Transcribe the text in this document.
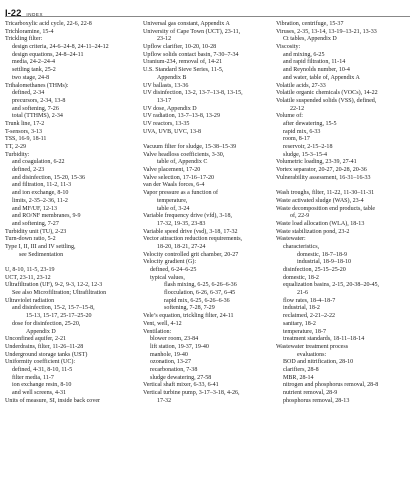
I-22 INDEX
Tricarboxylic acid cycle, 22-6, 22-8
Trichloramine, 15-4
Trickling filter:
design criteria, 24-6–24-8, 24-11–24-12
design equations, 24-8–24-11
media, 24-2–24-4
settling tank, 25-2
two stage, 24-8
Trihalomethanes (THMs):
defined, 2-34
precursors, 2-34, 13-8
and softening, 7-26
total (TTHMS), 2-34
Trunk line, 17-2
T-sensors, 3-13
TSS, 16-9, 18-11
TT, 2-29
Turbidity:
and coagulation, 6-22
defined, 2-23
and disinfection, 15-20, 15-36
and filtration, 11-2, 11-3
and ion exchange, 8-10
limits, 2-35–2-36, 11-2
and MF/UF, 12-13
and RO/NF membranes, 9-9
and softening, 7-27
Turbidity unit (TU), 2-23
Turn-down ratio, 5-2
Type I, II, III and IV settling,
see Sedimentation
U, 8-10, 11-5, 23-19
UCT, 23-11, 23-12
Ultrafiltration (UF), 9-2, 9-3, 12-2, 12-3
See also Microfiltration; Ultrafiltration
Ultraviolet radiation
and disinfection, 15-2, 15-7–15-8,
15-13, 15-17, 25-17–25-20
dose for disinfection, 25-20,
Appendix D
Unconfined aquifer, 2-21
Underdrains, filter, 11-26–11-28
Underground storage tanks (UST)
Uniformity coefficient (UC):
defined, 4-31, 8-10, 11-5
filter media, 11-7
ion exchange resin, 8-10
and well screens, 4-31
Units of measure, SI, inside back cover
Universal gas constant, Appendix A
University of Cape Town (UCT), 23-11,
23-12
Upflow clarifier, 10-20, 10-28
Upflow solids contact basin, 7-30–7-34
Uranium-234, removal of, 14-21
U.S. Standard Sieve Series, 11-5,
Appendix B
UV ballasts, 13-36
UV disinfection, 13-2, 13-7–13-8, 13-15,
13-17
UV dose, Appendix D
UV radiation, 13-7–13-8, 13-29
UV reactors, 13-35
UVA, UVB, UVC, 13-8
Vacuum filter for sludge, 15-38–15-39
Valve headloss coefficients, 3-30,
table of, Appendix C
Valve placement, 17-20
Valve selection, 17-16–17-20
van der Waals forces, 6-4
Vapor pressure as a function of
temperature,
table of, 3-24
Variable frequency drive (vfd), 3-18,
17-32, 19-35, 23-83
Variable speed drive (vsd), 3-18, 17-32
Vector attraction reduction requirements,
18-20, 18-21, 27-24
Velocity controlled grit chamber, 20-27
Velocity gradient (G):
defined, 6-24–6-25
typical values,
flash mixing, 6-25, 6-26–6-36
flocculation, 6-26, 6-37, 6-45
rapid mix, 6-25, 6-26–6-36
softening, 7-28, 7-29
Vele’s equation, trickling filter, 24-11
Vent, well, 4-12
Ventilation:
blower room, 23-84
lift station, 19-37, 19-40
manhole, 19-40
ozonation, 13-27
recarbonation, 7-38
sludge dewatering, 27-58
Vertical shaft mixer, 6-33, 6-41
Vertical turbine pump, 3-17–3-18, 4-26,
17-32
Vibration, centrifuge, 15-37
Viruses, 2-35, 13-14, 13-19–13-21, 13-33
Ct tables, Appendix D
Viscosity:
and mixing, 6-25
and rapid filtration, 11-14
and Reynolds number, 10-4
and water, table of, Appendix A
Volatile acids, 27-33
Volatile organic chemicals (VOCs), 14-22
Volatile suspended solids (VSS), defined,
22-12
Volume of:
after dewatering, 15-5
rapid mix, 6-33
room, 8-17
reservoir, 2-15–2-18
sludge, 15-3–15-4
Volumetric loading, 23-39, 27-41
Vortex separator, 20-27, 20-28, 20-36
Vulnerability assessment, 16-31–16-33
Wash troughs, filter, 11-22, 11-30–11-31
Waste activated sludge (WAS), 23-4
Waste decomposition end products, table
of, 22-9
Waste load allocation (WLA), 18-13
Waste stabilization pond, 23-2
Wastewater:
characteristics,
domestic, 18-7–18-9
industrial, 18-9–18-10
disinfection, 25-15–25-20
domestic, 18-2
equalization basins, 2-15, 20-38–20-45,
21-6
flow rates, 18-4–18-7
industrial, 18-2
reclaimed, 2-21–2-22
sanitary, 18-2
temperature, 18-7
treatment standards, 18-11–18-14
Wastewater treatment process
evaluations:
BOD and nitrification, 28-10
clarifiers, 28-8
MBR, 28-14
nitrogen and phosphorus removal, 28-8
nutrient removal, 28-9
phosphorus removal, 28-13
